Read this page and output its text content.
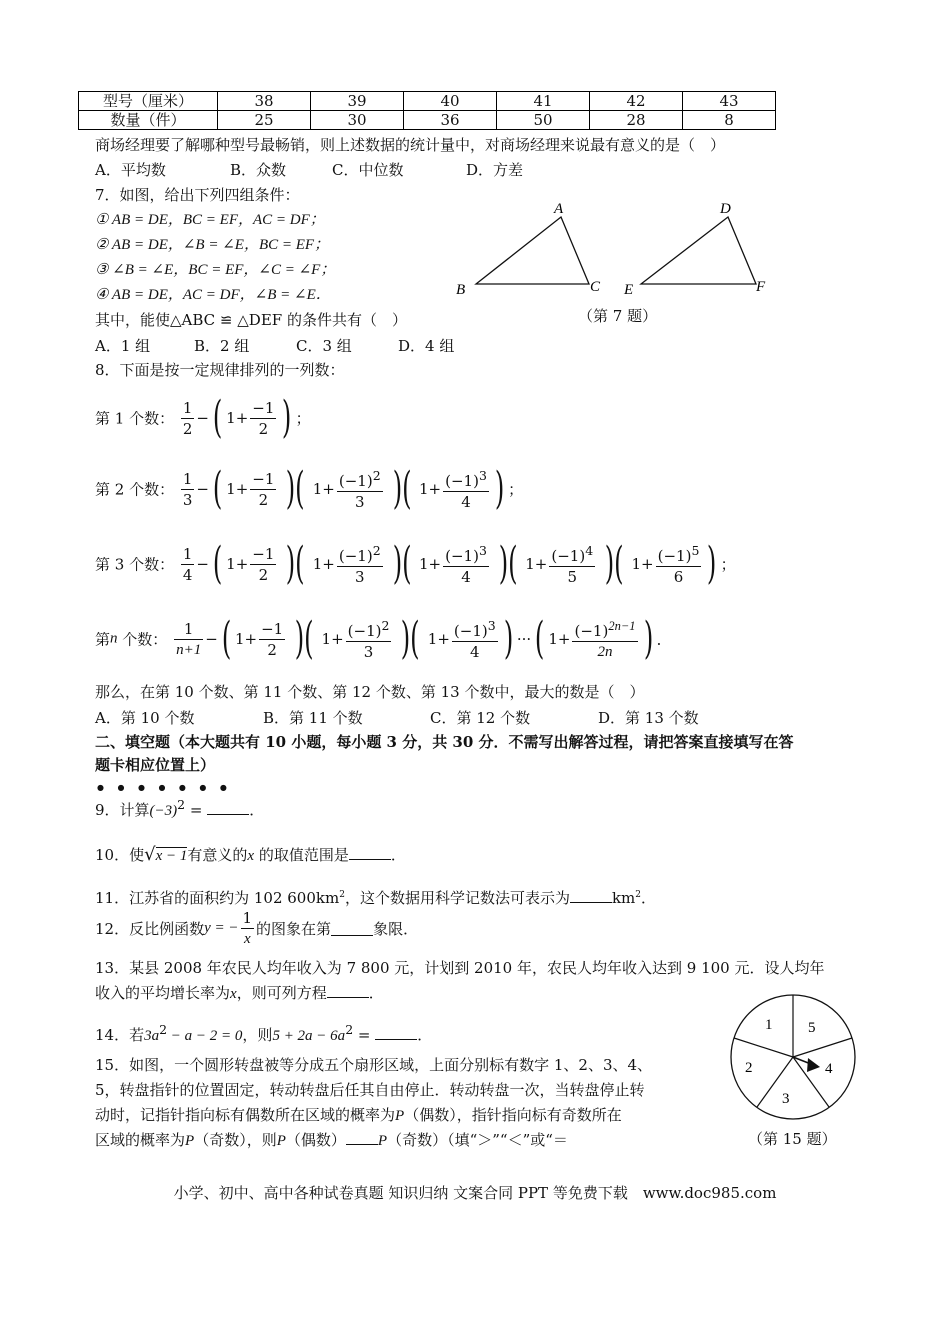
型号（厘米）	38	39	40	41	42	43
数量（件）	25	30	36	50	28	8
商场经理要了解哪种型号最畅销，则上述数据的统计量中，对商场经理来说最有意义的是（　）
A．平均数	B．众数	C．中位数	D．方差
7．如图，给出下列四组条件：
① AB = DE，BC = EF，AC = DF；
② AB = DE，∠B = ∠E，BC = EF；
③ ∠B = ∠E，BC = EF，∠C = ∠F；
④ AB = DE，AC = DF，∠B = ∠E．
其中，能使△ABC ≌ △DEF 的条件共有（　）
A．1 组	B．2 组	C．3 组	D．4 组
A
B	C
D
E	F
（第 7 题）
8．下面是按一定规律排列的一列数：
第 1 个数： $\frac{1}{2}$ −( $1+ \frac{-1}{2}$ ) ；
第 2 个数： $\frac{1}{3}$ −( $1+ \frac{-1}{2}$ )( $1+ \frac{(-1)^2}{3}$ )( $1+ \frac{(-1)^3}{4}$ ) ；
第 3 个数： $\frac{1}{4}$ −( $1+ \frac{-1}{2}$ )( $1+ \frac{(-1)^2}{3}$ )( $1+ \frac{(-1)^3}{4}$ )( $1+ \frac{(-1)^4}{5}$ )( $1+ \frac{(-1)^5}{6}$ ) ；
第n 个数： $\frac{1}{n+1}$ −( $1+ \frac{-1}{2}$ )( $1+ \frac{(-1)^2}{3}$ )( $1+ \frac{(-1)^3}{4}$ ) ···( $1+ \frac{(-1)^{2n-1}}{2n}$ ) ．
那么，在第 10 个数、第 11 个数、第 12 个数、第 13 个数中，最大的数是（　）
A．第 10 个数	B．第 11 个数	C．第 12 个数	D．第 13 个数
二、填空题（本大题共有 10 小题，每小题 3 分，共 30 分．不需写出解答过程，请把答案直接填写在答
题卡相应位置上）
●●●●●●●
9．计算$(-3)^2$ =	．
10．使√x − 1有意义的x 的取值范围是	．
11．江苏省的面积约为 102 $600km^2$，这个数据用科学记数法可表示为	$km^2$．
12．反比例函数y = − $\frac{1}{x}$ 的图象在第	象限．
13．某县 2008 年农民人均年收入为 7 800 元，计划到 2010 年，农民人均年收入达到 9 100 元．设人均年
收入的平均增长率为x，则可列方程	．
14．若$3a^2 - a - 2 = 0$，则$5 + 2a - 6a^2$ =	．
15．如图，一个圆形转盘被等分成五个扇形区域，上面分别标有数字 1、2、3、4、
5，转盘指针的位置固定，转动转盘后任其自由停止．转动转盘一次，当转盘停止转
动时，记指针指向标有偶数所在区域的概率为P（偶数），指针指向标有奇数所在
区域的概率为P（奇数），则P（偶数） P（奇数）（填“＞”“＜”或“＝
1 5
4
3
2
（第 15 题）
小学、初中、高中各种试卷真题 知识归纳 文案合同 PPT 等免费下载　www.doc985.com
